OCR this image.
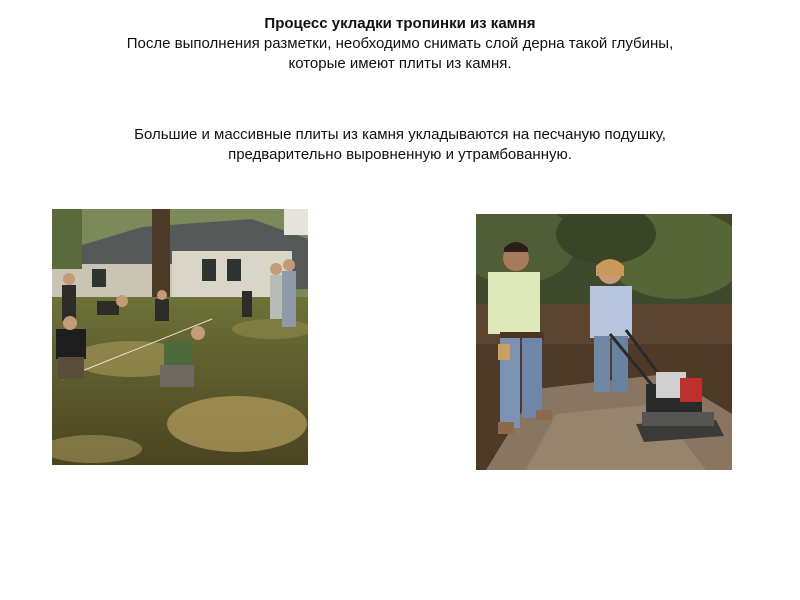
Процесс укладки тропинки из камня
После выполнения разметки, необходимо снимать слой дерна такой глубины,
которые имеют плиты из камня.
Большие и массивные плиты из камня укладываются на песчаную подушку,
предварительно выровненную и утрамбованную.
